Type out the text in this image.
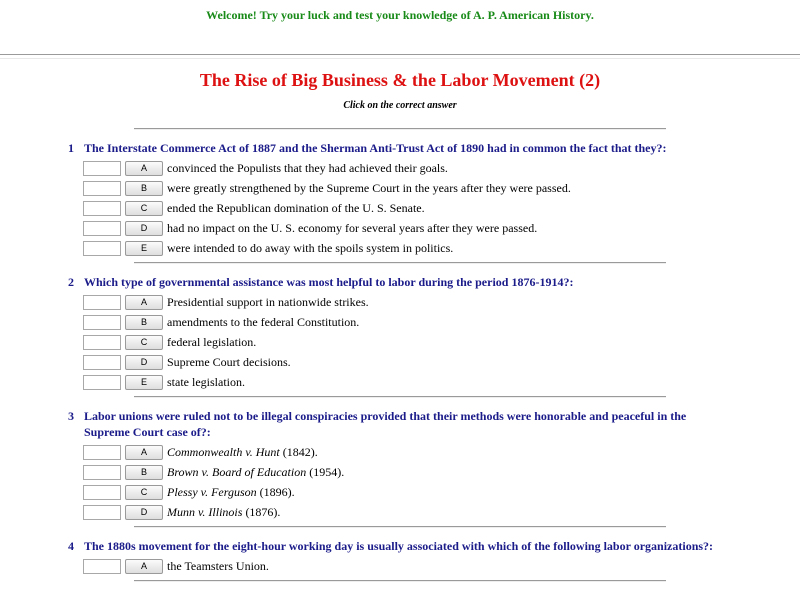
Welcome! Try your luck and test your knowledge of A. P. American History.
The Rise of Big Business & the Labor Movement (2)
Click on the correct answer
1 The Interstate Commerce Act of 1887 and the Sherman Anti-Trust Act of 1890 had in common the fact that they?:
A	convinced the Populists that they had achieved their goals.
B	were greatly strengthened by the Supreme Court in the years after they were passed.
C	ended the Republican domination of the U. S. Senate.
D	had no impact on the U. S. economy for several years after they were passed.
E	were intended to do away with the spoils system in politics.
2 Which type of governmental assistance was most helpful to labor during the period 1876-1914?:
A	Presidential support in nationwide strikes.
B	amendments to the federal Constitution.
C	federal legislation.
D	Supreme Court decisions.
E	state legislation.
3 Labor unions were ruled not to be illegal conspiracies provided that their methods were honorable and peaceful in the Supreme Court case of?:
A	Commonwealth v. Hunt (1842).
B	Brown v. Board of Education (1954).
C	Plessy v. Ferguson (1896).
D	Munn v. Illinois (1876).
4 The 1880s movement for the eight-hour working day is usually associated with which of the following labor organizations?:
A	the Teamsters Union.
